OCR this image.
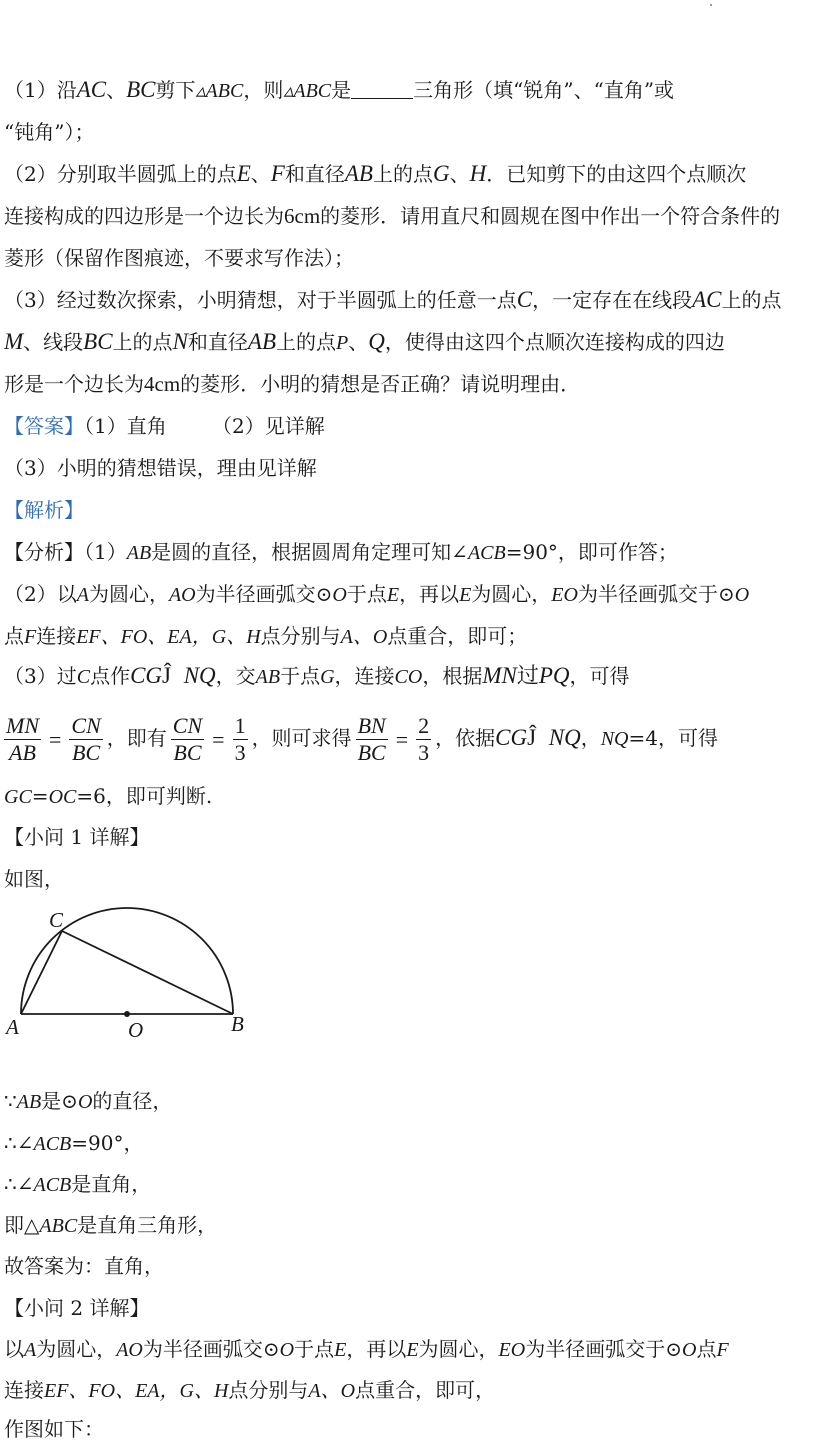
（1）沿AC、BC剪下▵ABC，则▵ABC是	三角形（填“锐角”、“直角”或
“钝角”）；
（2）分别取半圆弧上的点E、F和直径AB上的点G、H．已知剪下的由这四个点顺次
连接构成的四边形是一个边长为6cm的菱形．请用直尺和圆规在图中作出一个符合条件的
菱形（保留作图痕迹，不要求写作法）；
（3）经过数次探索，小明猜想，对于半圆弧上的任意一点C，一定存在在线段AC上的点
M、线段BC上的点N和直径AB上的点P、Q，使得由这四个点顺次连接构成的四边
形是一个边长为4cm的菱形．小明的猜想是否正确？请说明理由．
【答案】（1）直角 （2）见详解
（3）小明的猜想错误，理由见详解
【解析】
【分析】（1）AB是圆的直径，根据圆周角定理可知∠ACB=90°，即可作答；
（2）以A为圆心，AO为半径画弧交⊙O于点E，再以E为圆心，EO为半径画弧交于⊙O
点F连接EF、FO、EA，G、H点分别与A、O点重合，即可；
（3）过C点作CGĴ NQ，交AB于点G，连接CO，根据MN过PQ，可得
$\frac{MN}{AB} = \frac{CN}{BC}$ ，即有 $\frac{CN}{BC} = \frac{1}{3}$ ，则可求得 $\frac{BN}{BC} = \frac{2}{3}$ ，依据CGĴ NQ，NQ=4，可得
GC=OC=6，即可判断.
【小问 1 详解】
如图，
C
A	O	B
∵AB是⊙O的直径，
∴∠ACB=90°，
∴∠ACB是直角，
即△ABC是直角三角形，
故答案为：直角，
【小问 2 详解】
以A为圆心，AO为半径画弧交⊙O于点E，再以E为圆心，EO为半径画弧交于⊙O点F
连接EF、FO、EA，G、H点分别与A、O点重合，即可，
作图如下：
